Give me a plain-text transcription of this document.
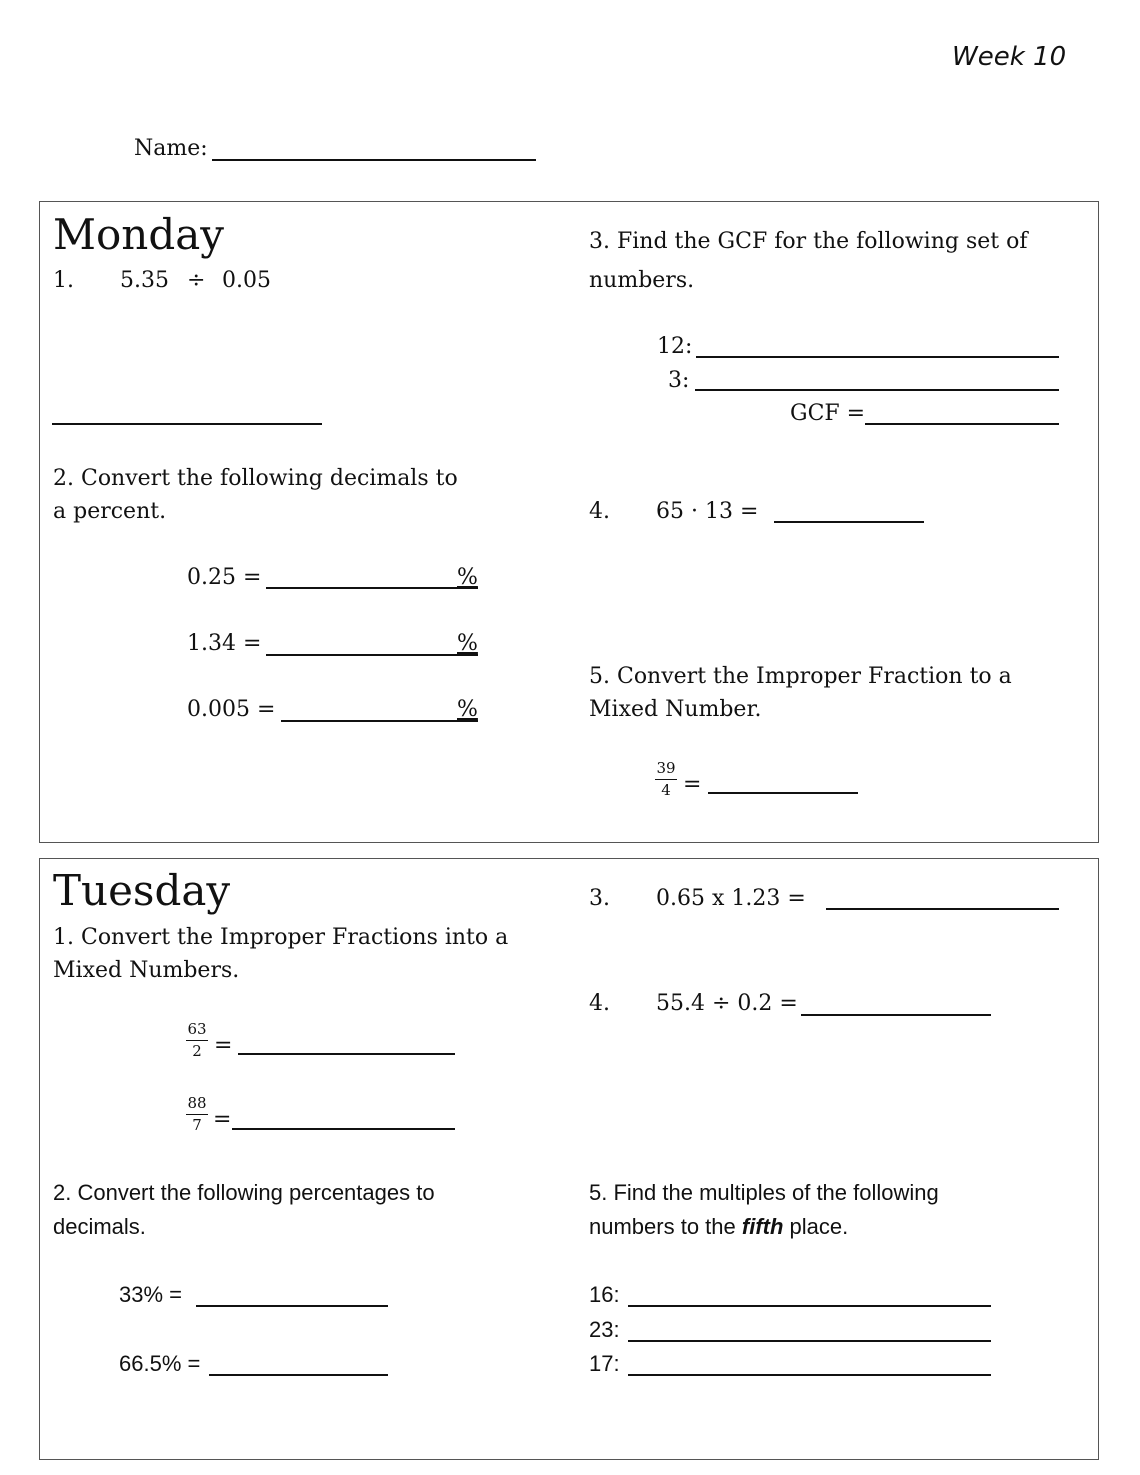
Week 10
Name:
Monday
1. 5.35 ÷ 0.05
2. Convert the following decimals to
a percent.
0.25 =	%
1.34 =	%
0.005 =	%
3. Find the GCF for the following set of
numbers.
12:
3:
GCF =
4. 65 · 13 =
5. Convert the Improper Fraction to a
Mixed Number.
39
4 =
Tuesday
1. Convert the Improper Fractions into a
Mixed Numbers.
63
2 =
88
7 =
2. Convert the following percentages to
decimals.
33% =
66.5% =
3. 0.65 x 1.23 =
4. 55.4 ÷ 0.2 =
5. Find the multiples of the following
numbers to the fifth place.
16:
23:
17:
